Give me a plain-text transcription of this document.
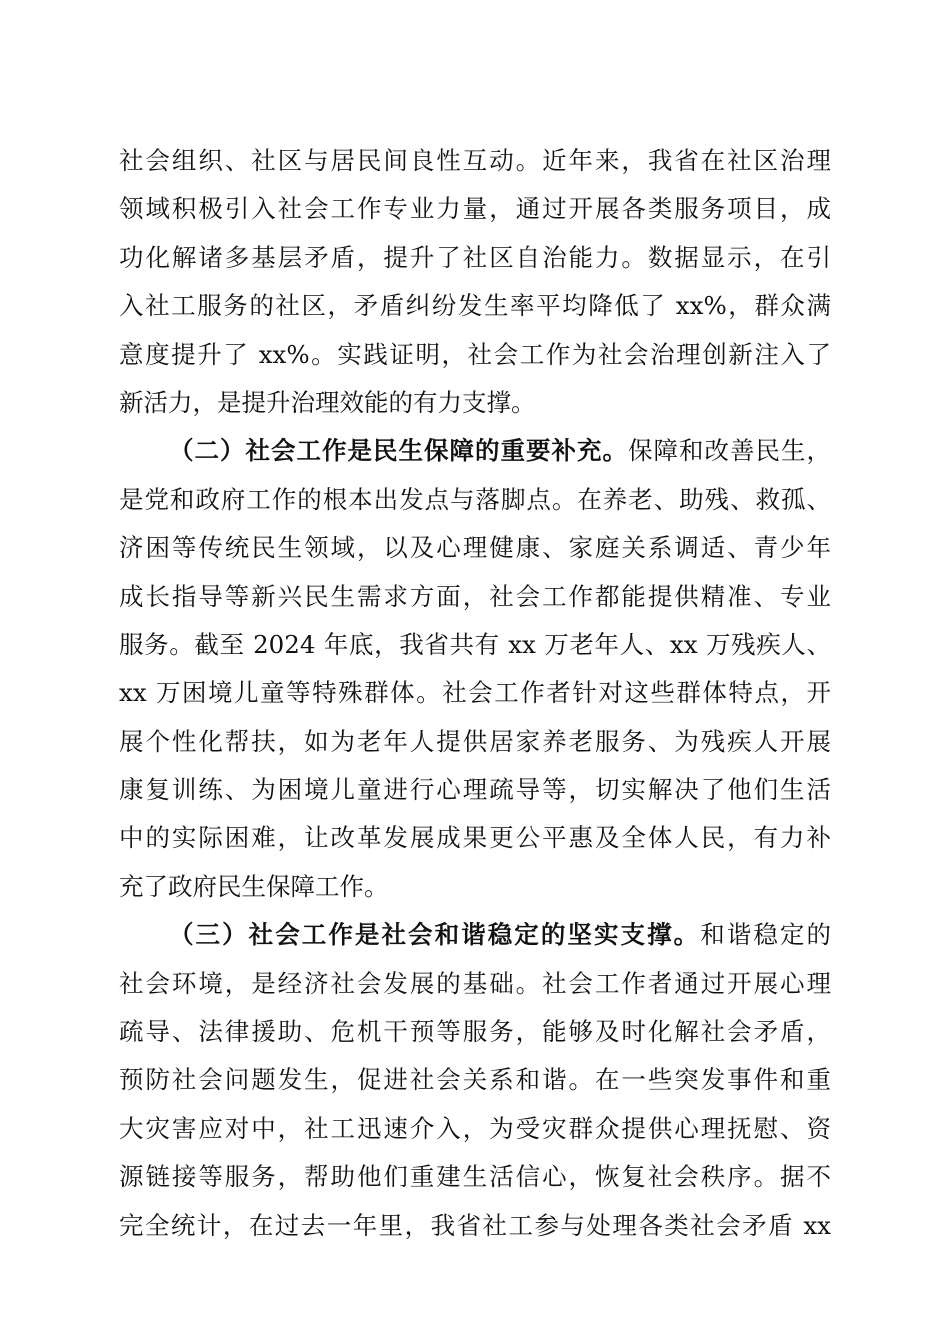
社会组织、社区与居民间良性互动。近年来，我省在社区治理
领域积极引入社会工作专业力量，通过开展各类服务项目，成
功化解诸多基层矛盾，提升了社区自治能力。数据显示，在引
入社工服务的社区，矛盾纠纷发生率平均降低了 xx%，群众满
意度提升了 xx%。实践证明，社会工作为社会治理创新注入了
新活力，是提升治理效能的有力支撑。
（二）社会工作是民生保障的重要补充。保障和改善民生，
是党和政府工作的根本出发点与落脚点。在养老、助残、救孤、
济困等传统民生领域，以及心理健康、家庭关系调适、青少年
成长指导等新兴民生需求方面，社会工作都能提供精准、专业
服务。截至 2024 年底，我省共有 xx 万老年人、xx 万残疾人、
xx 万困境儿童等特殊群体。社会工作者针对这些群体特点，开
展个性化帮扶，如为老年人提供居家养老服务、为残疾人开展
康复训练、为困境儿童进行心理疏导等，切实解决了他们生活
中的实际困难，让改革发展成果更公平惠及全体人民，有力补
充了政府民生保障工作。
（三）社会工作是社会和谐稳定的坚实支撑。和谐稳定的
社会环境，是经济社会发展的基础。社会工作者通过开展心理
疏导、法律援助、危机干预等服务，能够及时化解社会矛盾，
预防社会问题发生，促进社会关系和谐。在一些突发事件和重
大灾害应对中，社工迅速介入，为受灾群众提供心理抚慰、资
源链接等服务，帮助他们重建生活信心，恢复社会秩序。据不
完全统计，在过去一年里，我省社工参与处理各类社会矛盾 xx
